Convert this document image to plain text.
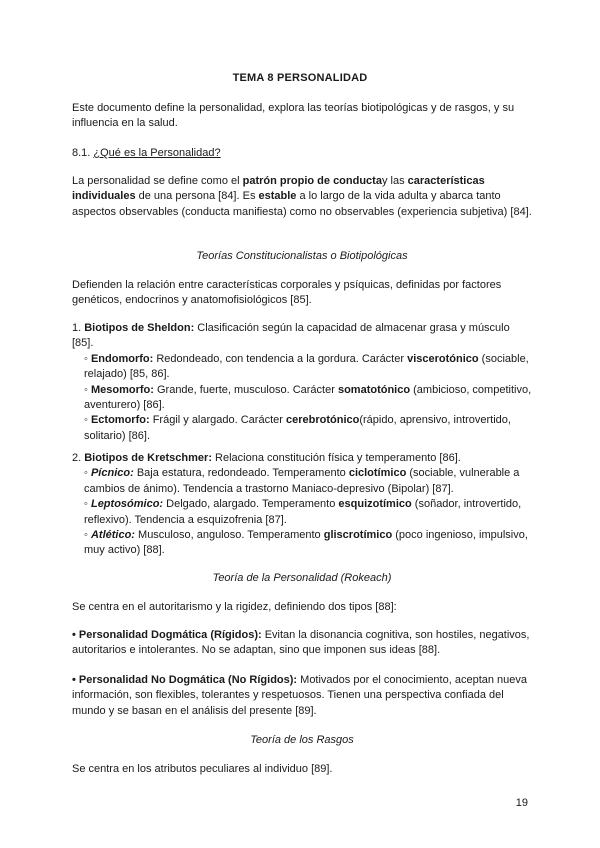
TEMA 8 PERSONALIDAD
Este documento define la personalidad, explora las teorías biotipológicas y de rasgos, y su influencia en la salud.
8.1. ¿Qué es la Personalidad?
La personalidad se define como el patrón propio de conductay las características individuales de una persona [84]. Es estable a lo largo de la vida adulta y abarca tanto aspectos observables (conducta manifiesta) como no observables (experiencia subjetiva) [84].
Teorías Constitucionalistas o Biotipológicas
Defienden la relación entre características corporales y psíquicas, definidas por factores genéticos, endocrinos y anatomofisiológicos [85].
1. Biotipos de Sheldon: Clasificación según la capacidad de almacenar grasa y músculo [85].
◦ Endomorfo: Redondeado, con tendencia a la gordura. Carácter viscerotónico (sociable, relajado) [85, 86].
◦ Mesomorfo: Grande, fuerte, musculoso. Carácter somatotónico (ambicioso, competitivo, aventurero) [86].
◦ Ectomorfo: Frágil y alargado. Carácter cerebrotónico(rápido, aprensivo, introvertido, solitario) [86].
2. Biotipos de Kretschmer: Relaciona constitución física y temperamento [86].
◦ Pícnico: Baja estatura, redondeado. Temperamento ciclotímico (sociable, vulnerable a cambios de ánimo). Tendencia a trastorno Maniaco-depresivo (Bipolar) [87].
◦ Leptosómico: Delgado, alargado. Temperamento esquizotímico (soñador, introvertido, reflexivo). Tendencia a esquizofrenia [87].
◦ Atlético: Musculoso, anguloso. Temperamento gliscrotímico (poco ingenioso, impulsivo, muy activo) [88].
Teoría de la Personalidad (Rokeach)
Se centra en el autoritarismo y la rigidez, definiendo dos tipos [88]:
• Personalidad Dogmática (Rígidos): Evitan la disonancia cognitiva, son hostiles, negativos, autoritarios e intolerantes. No se adaptan, sino que imponen sus ideas [88].
• Personalidad No Dogmática (No Rígidos): Motivados por el conocimiento, aceptan nueva información, son flexibles, tolerantes y respetuosos. Tienen una perspectiva confiada del mundo y se basan en el análisis del presente [89].
Teoría de los Rasgos
Se centra en los atributos peculiares al individuo [89].
19
